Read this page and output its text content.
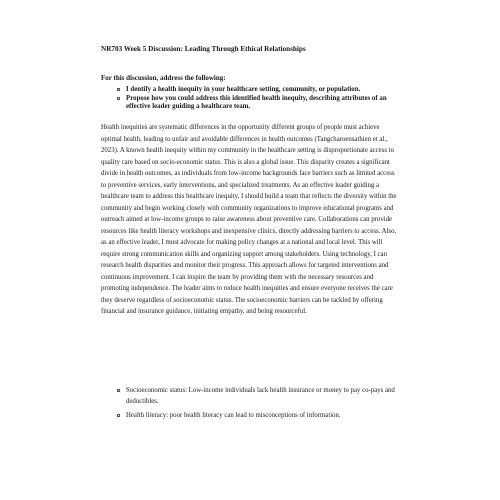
NR703 Week 5 Discussion: Leading Through Ethical Relationships
For this discussion, address the following:
I dentify a health inequity in your healthcare setting, community, or population.
Propose how you could address this identified health inequity, describing attributes of an effective leader guiding a healthcare team.

Health inequities are systematic differences in the opportunity different groups of people must achieve optimal health, leading to unfair and avoidable differences in health outcomes (Tangcharoensathien et al., 2023). A known health inequity within my community in the healthcare setting is disproportionate access to quality care based on socio-economic status. This is also a global issue. This disparity creates a significant divide in health outcomes, as individuals from low-income backgrounds face barriers such as limited access to preventive services, early interventions, and specialized treatments. As an effective leader guiding a healthcare team to address this healthcare inequity, I should build a team that reflects the diversity within the community and begin working closely with community organizations to improve educational programs and outreach aimed at low-income groups to raise awareness about preventive care. Collaborations can provide resources like health literacy workshops and inexpensive clinics, directly addressing barriers to access. Also, as an effective leader, I must advocate for making policy changes at a national and local level. This will require strong communication skills and organizing support among stakeholders. Using technology, I can research health disparities and monitor their progress. This approach allows for targeted interventions and continuous improvement. I can inspire the team by providing them with the necessary resources and promoting independence. The leader aims to reduce health inequities and ensure everyone receives the care they deserve regardless of socioeconomic status. The socioeconomic barriers can be tackled by offering financial and insurance guidance, initiating empathy, and being resourceful.

Socioeconomic status: Low-income individuals lack health insurance or money to pay co-pays and deductibles.
Health literacy: poor health literacy can lead to misconceptions of information.
